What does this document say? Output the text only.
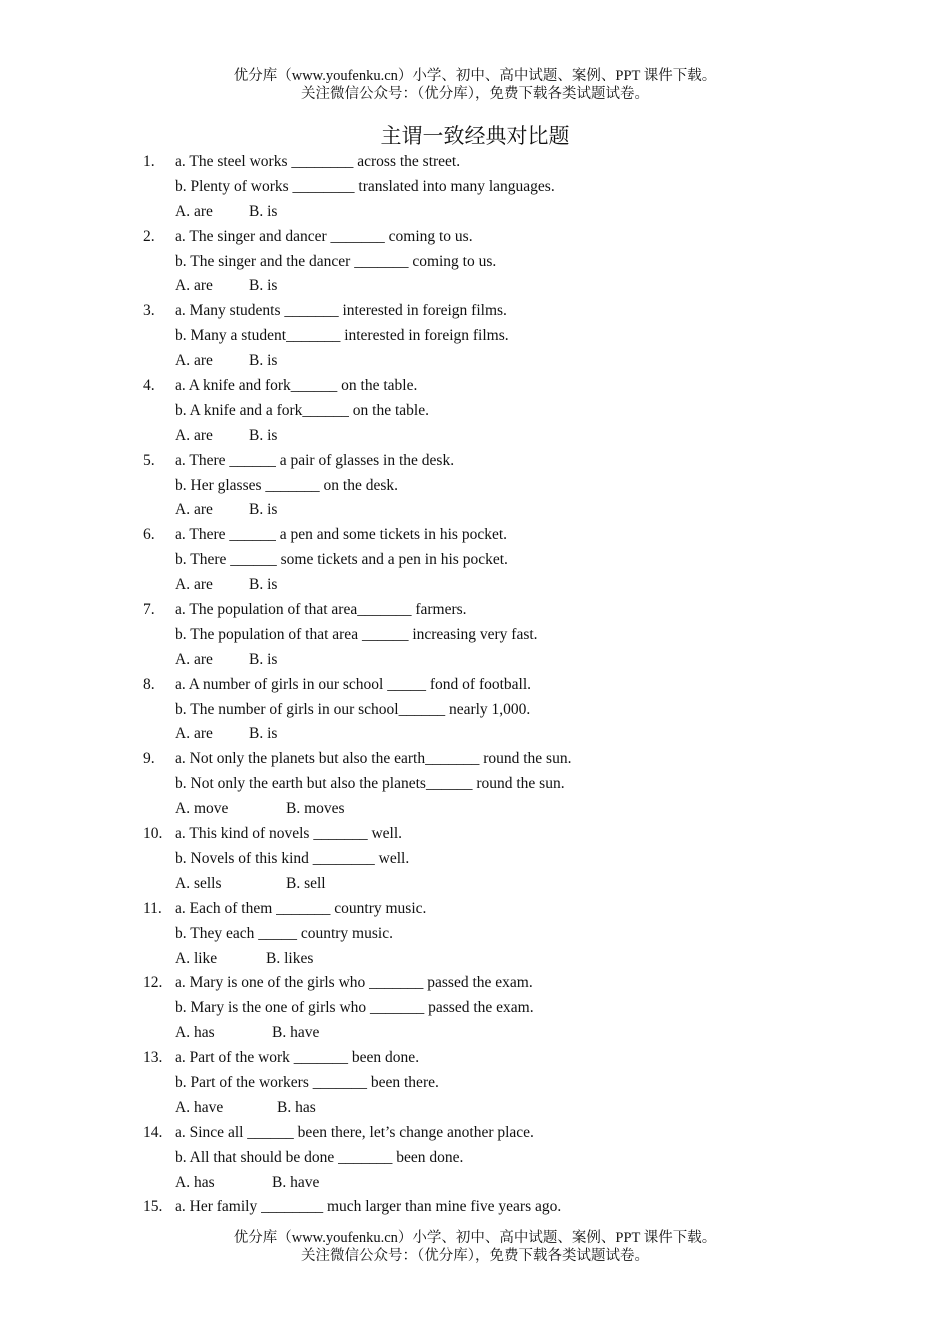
优分库（www.youfenku.cn）小学、初中、高中试题、案例、PPT 课件下载。
关注微信公众号：（优分库），免费下载各类试题试卷。
主谓一致经典对比题
1. a. The steel works ________ across the street.
b. Plenty of works ________ translated into many languages.
A. are B. is
2. a. The singer and dancer _______ coming to us.
b. The singer and the dancer _______ coming to us.
A. are B. is
3. a. Many students _______ interested in foreign films.
b. Many a student_______ interested in foreign films.
A. are B. is
4. a. A knife and fork______ on the table.
b. A knife and a fork______ on the table.
A. are B. is
5. a. There ______ a pair of glasses in the desk.
b. Her glasses _______ on the desk.
A. are B. is
6. a. There ______ a pen and some tickets in his pocket.
b. There ______ some tickets and a pen in his pocket.
A. are B. is
7. a. The population of that area_______ farmers.
b. The population of that area ______ increasing very fast.
A. are B. is
8. a. A number of girls in our school _____ fond of football.
b. The number of girls in our school______ nearly 1,000.
A. are B. is
9. a. Not only the planets but also the earth_______ round the sun.
b. Not only the earth but also the planets______ round the sun.
A. move	B. moves
10. a. This kind of novels _______ well.
b. Novels of this kind ________ well.
A. sells	B. sell
11. a. Each of them _______ country music.
b. They each _____ country music.
A. like	B. likes
12. a. Mary is one of the girls who _______ passed the exam.
b. Mary is the one of girls who _______ passed the exam.
A. has	B. have
13. a. Part of the work _______ been done.
b. Part of the workers _______ been there.
A. have	B. has
14. a. Since all ______ been there, let’s change another place.
b. All that should be done _______ been done.
A. has	B. have
15. a. Her family ________ much larger than mine five years ago.
优分库（www.youfenku.cn）小学、初中、高中试题、案例、PPT 课件下载。
关注微信公众号：（优分库），免费下载各类试题试卷。
